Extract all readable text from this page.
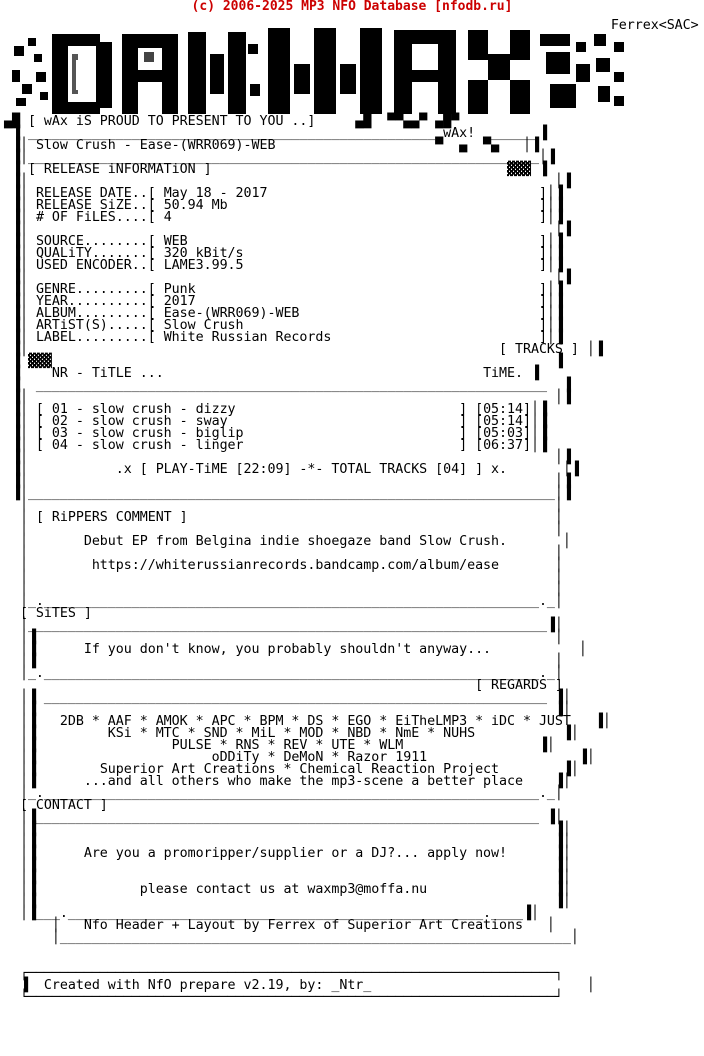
(c) 2006-2025 MP3 NFO Database [nfodb.ru]
Ferrex<SAC>

▄█ [ wAx iS PROUD TO PRESENT TO YOU ..]     ▄█  ▀▀▄▄▀ ▄█▀
▐ ___________________________________________________ wAx! _______▐
▐│ Slow Crush - Ease-(WRR069)-WEB                    ▀  ▄  ▀▄   │▐
▐│________________________________________________________________│▐
▐ [ RELEASE iNFORMATiON ]                                     ▓▓▓ ▐
▐│                                                                  │▐
▐│ RELEASE DATE..[ May 18 - 2017                                  ]│▐
▐│ RELEASE SiZE..[ 50.94 Mb                                       ]│▐
▐│ # OF FiLES....[ 4                                              ]│▐
▐│                                                                  │▐
▐│ SOURCE........[ WEB                                            ]│▐
▐│ QUALiTY.......[ 320 kBit/s                                     ]│▐
▐│ USED ENCODER..[ LAME3.99.5                                     ]│▐
▐│                                                                  │▐
▐│ GENRE.........[ Punk                                           ]│▐
▐│ YEAR..........[ 2017                                           ]│▐
▐│ ALBUM.........[ Ease-(WRR069)-WEB                              ]│▐
▐│ ARTiST(S).....[ Slow Crush                                     ]│▐
▐│ LABEL.........[ White Russian Records                          ]│▐
▐│                                                           [ TRACKS ] │▐
▐ ▓▓▓                                                               ▐
▐    NR - TiTLE ...	TiME. ▐
▐  ________________________________________________________________  ▐
▐│                                                                  │▐
▐│ [ 01 - slow crush - dizzy                            ] [05:14]│▐
▐│ [ 02 - slow crush - sway                             ] [05:14]│▐
▐│ [ 03 - slow crush - biglip                           ] [05:03]│▐
▐│ [ 04 - slow crush - linger                           ] [06:37]│▐
▐│                                                                  │▐
▐│           .x [ PLAY-TiME [22:09] -*- TOTAL TRACKS [04] ] x.       │▐
▐│                                                                  │▐
▐│__________________________________________________________________│▐
│                                                                  │
│ [ RiPPERS COMMENT ]                                              │
│                                                                  │
│       Debut EP from Belgina indie shoegaze band Slow Crush.       │
│                                                                  │
│        https://whiterussianrecords.bandcamp.com/album/ease       │
│                                                                  │
│                                                                  │
│_.______________________________________________________________._│
[ SiTES ]
│_________________________________________________________________▐│
│▐                                                                 │
│▐      If you don't know, you probably shouldn't anyway...           │
│▐                                                                 │
│_.______________________________________________________________._│
[ REGARDS ]
│▐ _______________________________________________________________ ▐│
│▐                                                                 ▐│
│▐   2DB * AAF * AMOK * APC * BPM * DS * EGO * EiTheLMP3 * iDC * JUST   ▐│
│▐         KSi * MTC * SND * MiL * MOD * NBD * NmE * NUHS           ▐│
│▐                 PULSE * RNS * REV * UTE * WLM                 ▐│
│▐                      oDDiTy * DeMoN * Razor 1911                   ▐│
│▐        Superior Art Creations * Chemical Reaction Project        ▐│
│▐      ...and all others who make the mp3-scene a better place    ▐│
│_.______________________________________________________________._│
[ CONTACT ]
│▐_______________________________________________________________ ▐│
│▐                                                                 ▐│
│▐                                                                 ▐│
│▐      Are you a promoripper/supplier or a DJ?... apply now!      ▐│
│▐                                                                 ▐│
│▐                                                                 ▐│
│▐             please contact us at waxmp3@moffa.nu                ▐│
│▐                                                                 ▐│
│▐___.____________________________________________________.____▐│
│   Nfo Header + Layout by Ferrex of Superior Art Creations   │
│________________________________________________________________│

┌──────────────────────────────────────────────────────────────────┐
▐  Created with NfO prepare v2.19, by: _Ntr_                           │
└──────────────────────────────────────────────────────────────────┘
